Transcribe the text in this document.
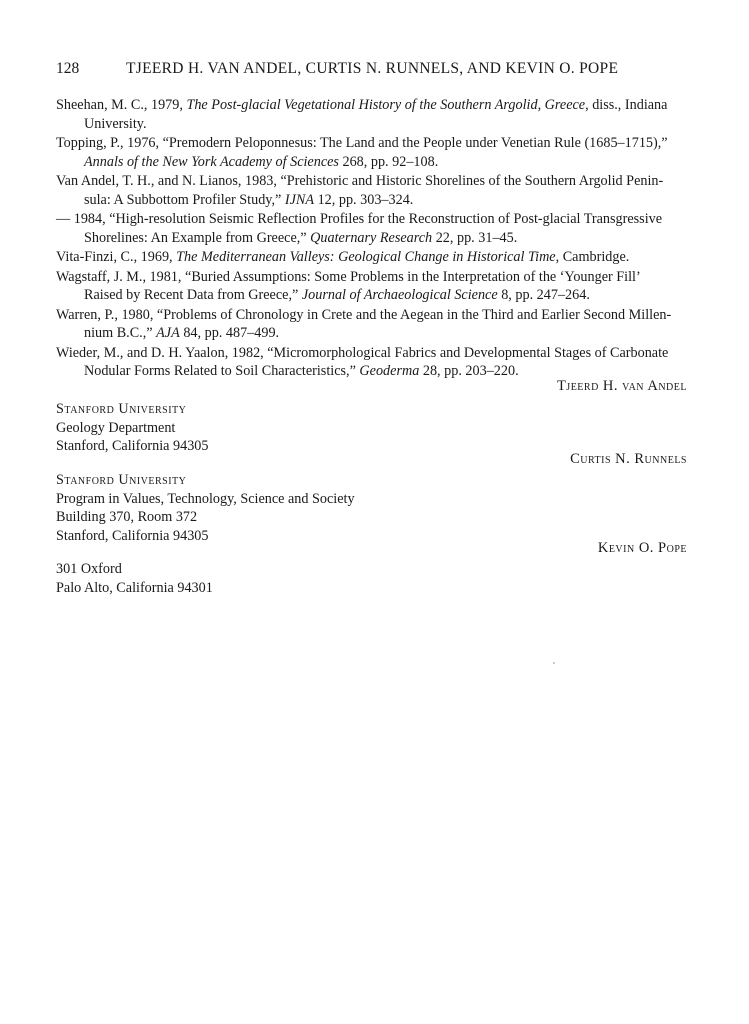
128	TJEERD H. VAN ANDEL, CURTIS N. RUNNELS, AND KEVIN O. POPE
Sheehan, M. C., 1979, The Post-glacial Vegetational History of the Southern Argolid, Greece, diss., Indiana
University.
Topping, P., 1976, “Premodern Peloponnesus: The Land and the People under Venetian Rule (1685–1715),”
Annals of the New York Academy of Sciences 268, pp. 92–108.
Van Andel, T. H., and N. Lianos, 1983, “Prehistoric and Historic Shorelines of the Southern Argolid Penin-
sula: A Subbottom Profiler Study,” IJNA 12, pp. 303–324.
— 1984, “High-resolution Seismic Reflection Profiles for the Reconstruction of Post-glacial Transgressive
Shorelines: An Example from Greece,” Quaternary Research 22, pp. 31–45.
Vita-Finzi, C., 1969, The Mediterranean Valleys: Geological Change in Historical Time, Cambridge.
Wagstaff, J. M., 1981, “Buried Assumptions: Some Problems in the Interpretation of the ‘Younger Fill’
Raised by Recent Data from Greece,” Journal of Archaeological Science 8, pp. 247–264.
Warren, P., 1980, “Problems of Chronology in Crete and the Aegean in the Third and Earlier Second Millen-
nium B.C.,” AJA 84, pp. 487–499.
Wieder, M., and D. H. Yaalon, 1982, “Micromorphological Fabrics and Developmental Stages of Carbonate
Nodular Forms Related to Soil Characteristics,” Geoderma 28, pp. 203–220.
Tjeerd H. van Andel
Stanford University
Geology Department
Stanford, California 94305
Curtis N. Runnels
Stanford University
Program in Values, Technology, Science and Society
Building 370, Room 372
Stanford, California 94305
Kevin O. Pope
301 Oxford
Palo Alto, California 94301
